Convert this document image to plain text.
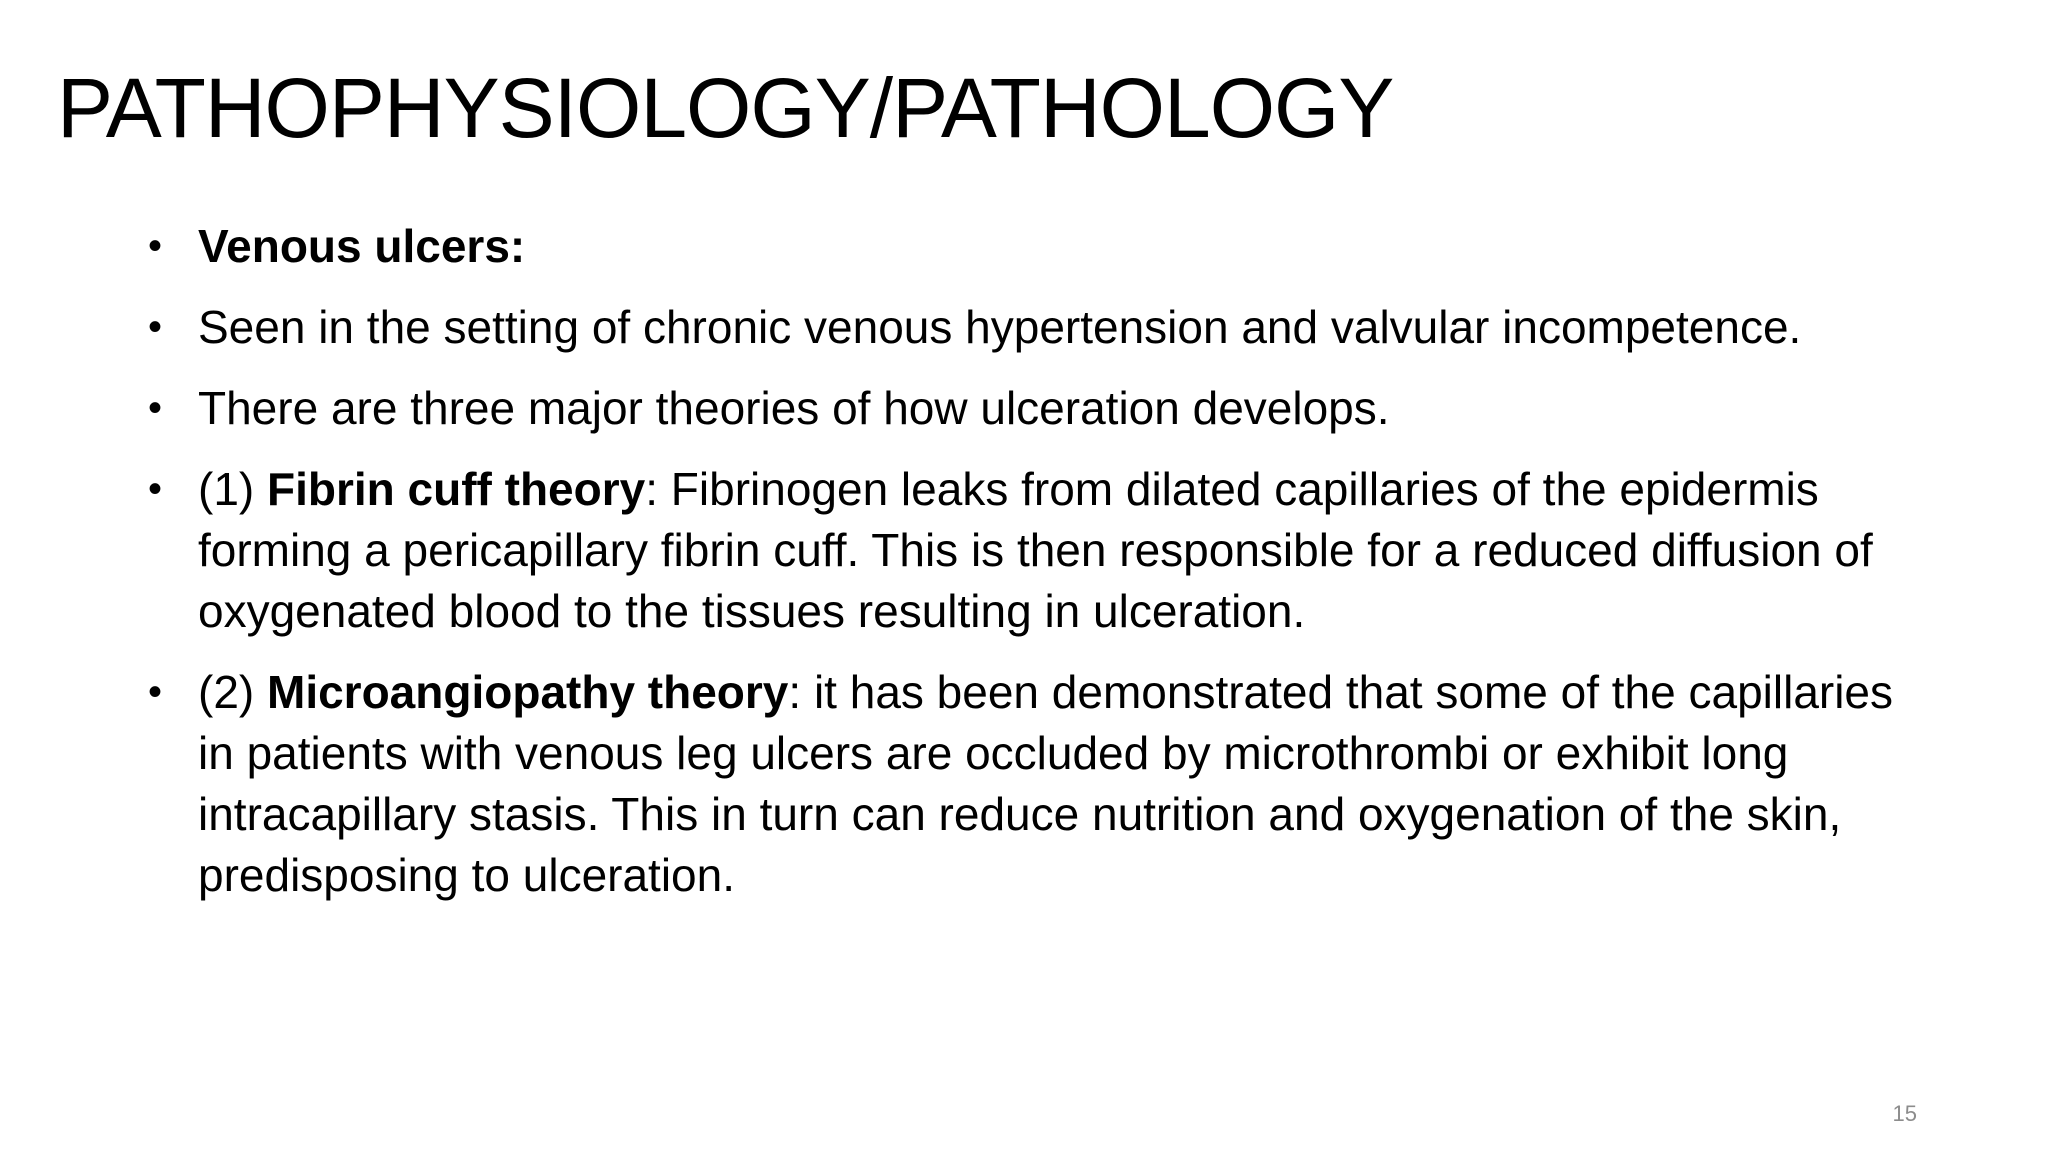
PATHOPHYSIOLOGY/PATHOLOGY
• Venous ulcers:
• Seen in the setting of chronic venous hypertension and valvular incompetence.
• There are three major theories of how ulceration develops.
• (1) Fibrin cuff theory: Fibrinogen leaks from dilated capillaries of the epidermis forming a pericapillary fibrin cuff. This is then responsible for a reduced diffusion of oxygenated blood to the tissues resulting in ulceration.
• (2) Microangiopathy theory: it has been demonstrated that some of the capillaries in patients with venous leg ulcers are occluded by microthrombi or exhibit long intracapillary stasis. This in turn can reduce nutrition and oxygenation of the skin, predisposing to ulceration.
15
